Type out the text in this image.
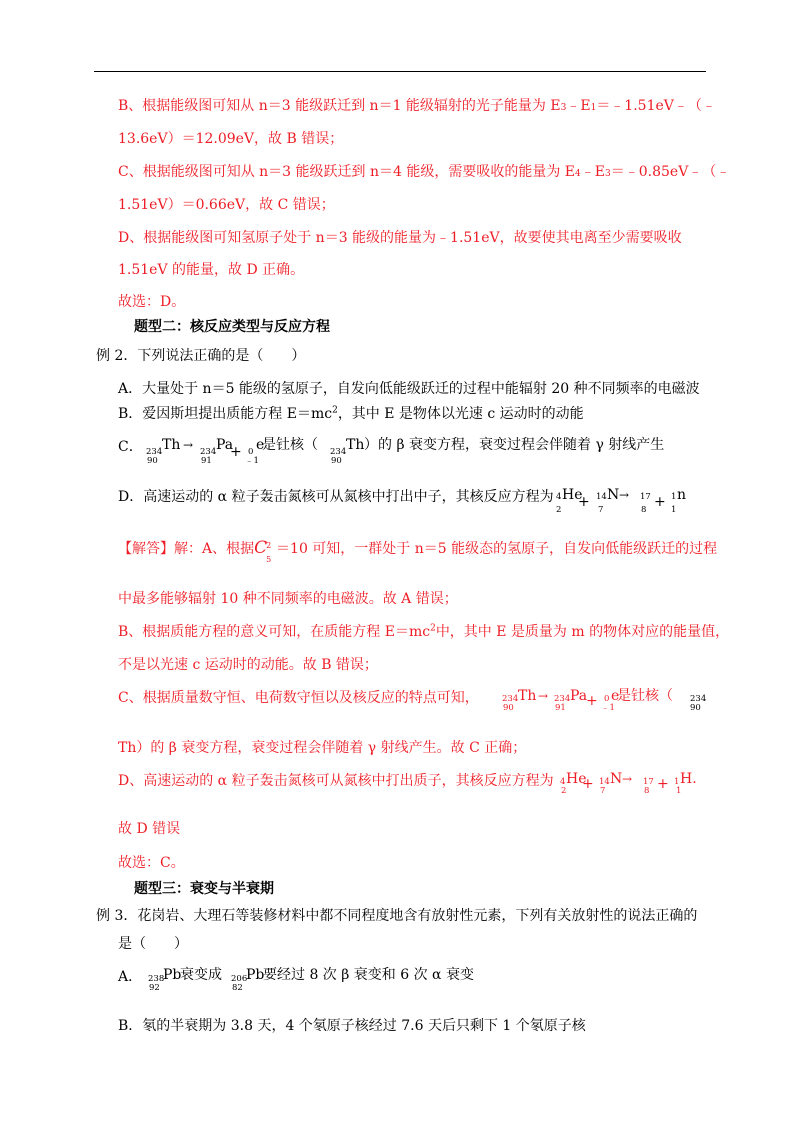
B、根据能级图可知从 n＝3 能级跃迁到 n＝1 能级辐射的光子能量为 E3﹣E1＝﹣1.51eV﹣（﹣
13.6eV）＝12.09eV，故 B 错误；
C、根据能级图可知从 n＝3 能级跃迁到 n＝4 能级，需要吸收的能量为 E4﹣E3＝﹣0.85eV﹣（﹣
1.51eV）＝0.66eV，故 C 错误；
D、根据能级图可知氢原子处于 n＝3 能级的能量为﹣1.51eV，故要使其电离至少需要吸收
1.51eV 的能量，故 D 正确。
故选：D。
题型二：核反应类型与反应方程
例 2．下列说法正确的是（　　）
A．大量处于 n＝5 能级的氢原子，自发向低能级跃迁的过程中能辐射 20 种不同频率的电磁波
B．爱因斯坦提出质能方程 $E=mc^2$，其中 E 是物体以光速 c 运动时的动能
C． 234 Th
90
→ 234 Pa
91
+ 0 e
﹣1
是钍核（ 234 Th
90
）的 β 衰变方程，衰变过程会伴随着 γ 射线产生
D．高速运动的 α 粒子轰击氮核可从氮核中打出中子，其核反应方程为 4 He
2 + 14 N
7
→ 17
8 + 1 n
1
【解答】解：A、根据C
2
5
＝10 可知，一群处于 n＝5 能级态的氢原子，自发向低能级跃迁的过程
中最多能够辐射 10 种不同频率的电磁波。故 A 错误；
B、根据质能方程的意义可知，在质能方程 $E=mc^2$中，其中 E 是质量为 m 的物体对应的能量值，
不是以光速 c 运动时的动能。故 B 错误；
C、根据质量数守恒、电荷数守恒以及核反应的特点可知，	234 Th
90
→ 234 Pa
91 + 0 e
﹣1
是钍核（ 234
90
Th）的 β 衰变方程，衰变过程会伴随着 γ 射线产生。故 C 正确；
D、高速运动的 α 粒子轰击氮核可从氮核中打出质子，其核反应方程为 4 He
2 + 14 N
7
→ 17
8 + 1 H.
1
故 D 错误
故选：C。
题型三：衰变与半衰期
例 3．花岗岩、大理石等装修材料中都不同程度地含有放射性元素，下列有关放射性的说法正确的
是（　　）
A． 238
Pb
92
衰变成 206
Pb
82
要经过 8 次 β 衰变和 6 次 α 衰变
B．氡的半衰期为 3.8 天，4 个氡原子核经过 7.6 天后只剩下 1 个氡原子核
